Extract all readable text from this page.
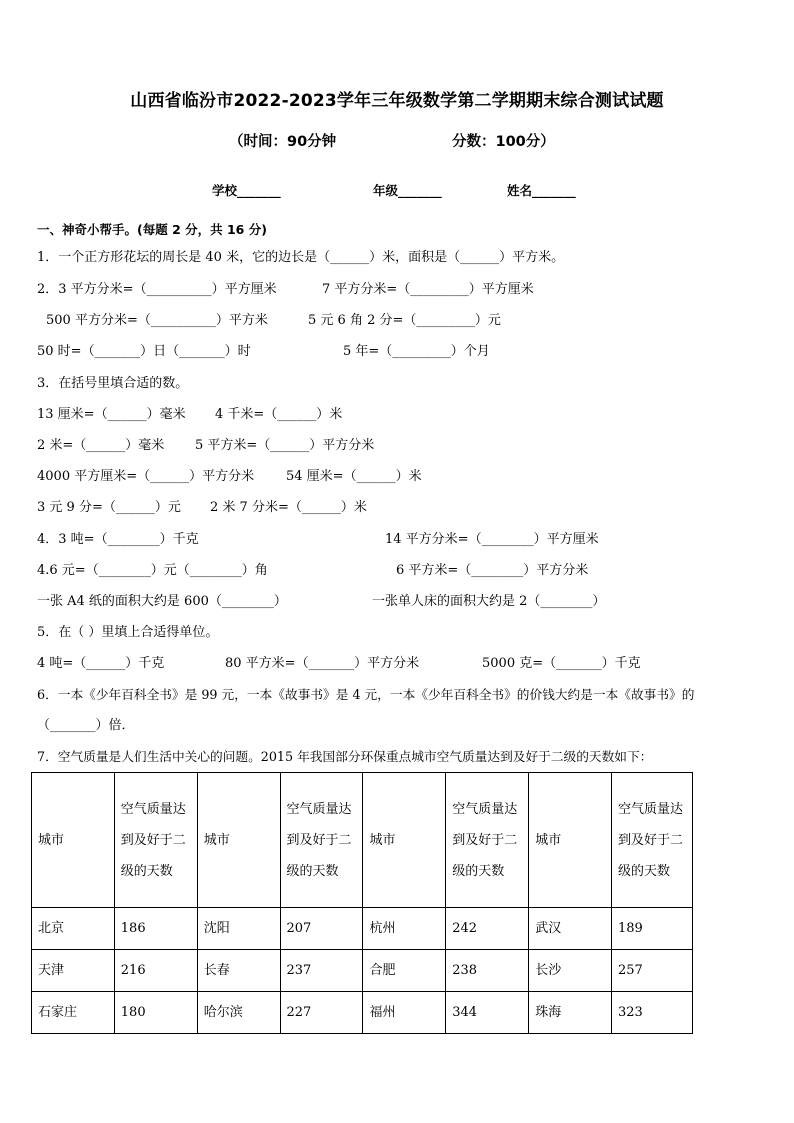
山西省临汾市2022-2023学年三年级数学第二学期期末综合测试试题
（时间：90分钟	分数：100分）
学校_______	年级_______	姓名_______
一、神奇小帮手。(每题 2 分，共 16 分)
1．一个正方形花坛的周长是 40 米，它的边长是（______）米，面积是（______）平方米。
2．3 平方分米=（__________）平方厘米	7 平方分米=（_________）平方厘米
500 平方分米=（__________）平方米	5 元 6 角 2 分=（_________）元
50 时=（_______）日（_______）时	5 年=（_________）个月
3．在括号里填合适的数。
13 厘米=（______）毫米 4 千米=（______）米
2 米=（______）毫米 5 平方米=（______）平方分米
4000 平方厘米=（______）平方分米 54 厘米=（______）米
3 元 9 分=（______）元 2 米 7 分米=（______）米
4．3 吨=（________）千克	14 平方分米=（________）平方厘米
4.6 元=（________）元（________）角	6 平方米=（________）平方分米
一张 A4 纸的面积大约是 600（________）	一张单人床的面积大约是 2（________）
5．在（ ）里填上合适得单位。
4 吨=（______）千克	80 平方米=（_______）平方分米	5000 克=（_______）千克
6．一本《少年百科全书》是 99 元，一本《故事书》是 4 元，一本《少年百科全书》的价钱大约是一本《故事书》的
（_______）倍．
7．空气质量是人们生活中关心的问题。2015 年我国部分环保重点城市空气质量达到及好于二级的天数如下：
城市	空气质量达到及好于二级的天数	城市	空气质量达到及好于二级的天数	城市	空气质量达到及好于二级的天数	城市	空气质量达到及好于二级的天数

北京	186	沈阳	207	杭州	242	武汉	189
天津	216	长春	237	合肥	238	长沙	257
石家庄	180	哈尔滨	227	福州	344	珠海	323
